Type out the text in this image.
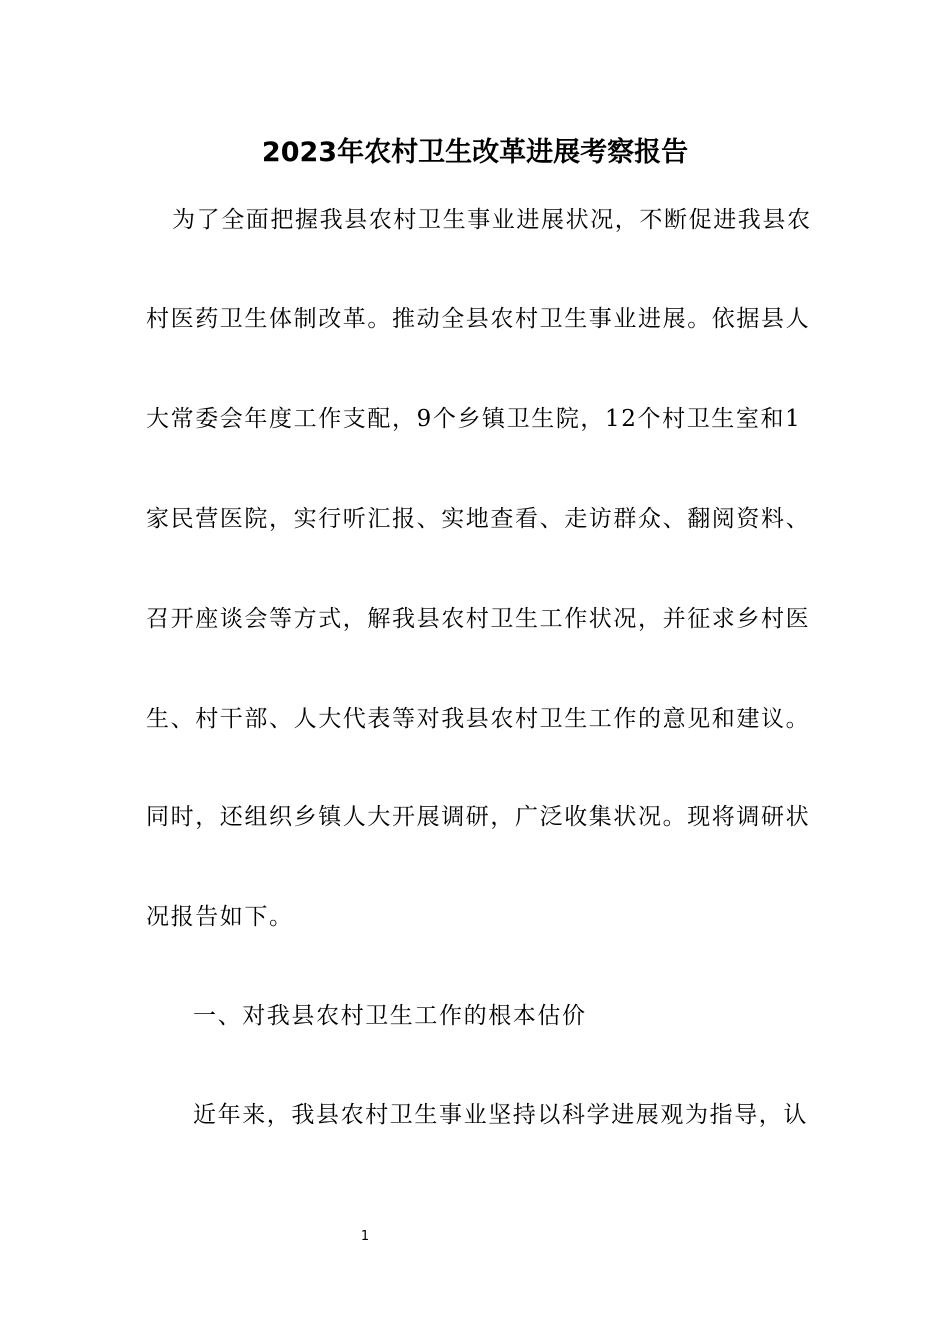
2023年农村卫生改革进展考察报告
为了全面把握我县农村卫生事业进展状况，不断促进我县农
村医药卫生体制改革。推动全县农村卫生事业进展。依据县人
大常委会年度工作支配，9个乡镇卫生院，12个村卫生室和1
家民营医院，实行听汇报、实地查看、走访群众、翻阅资料、
召开座谈会等方式，解我县农村卫生工作状况，并征求乡村医
生、村干部、人大代表等对我县农村卫生工作的意见和建议。
同时，还组织乡镇人大开展调研，广泛收集状况。现将调研状
况报告如下。
一、对我县农村卫生工作的根本估价
近年来，我县农村卫生事业坚持以科学进展观为指导，认
1
